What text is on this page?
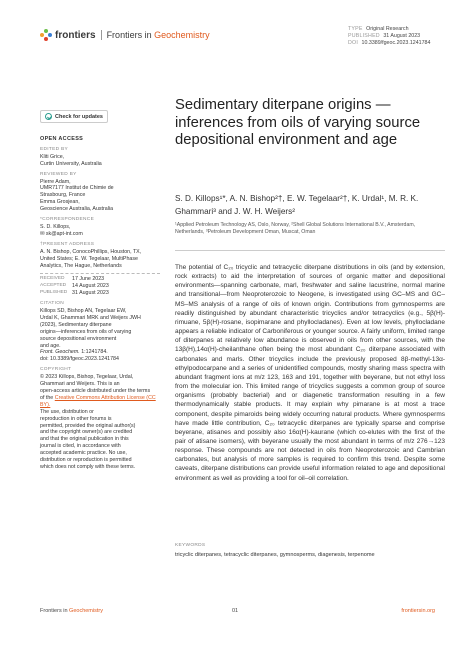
frontiers Frontiers in Geochemistry
TYPE Original Research
PUBLISHED 31 August 2023
DOI 10.3389/fgeoc.2023.1241784
Check for updates
OPEN ACCESS
EDITED BY
Kliti Grice,
Curtin University, Australia
REVIEWED BY
Pierre Adam,
UMR7177 Institut de Chimie de
Strasbourg, France
Emma Grosjean,
Geoscience Australia, Australia
*CORRESPONDENCE
S. D. Killops,
✉ sk@apt-int.com
†PRESENT ADDRESS
A. N. Bishop, ConocoPhillips, Houston, TX,
United States; E. W. Tegelaar, MultiPhase
Analytics, The Hague, Netherlands
RECEIVED	17 June 2023
ACCEPTED	14 August 2023
PUBLISHED 31 August 2023
CITATION
Killops SD, Bishop AN, Tegelaar EW,
Urdal K, Ghammari MRK and Weijers JWH
(2023), Sedimentary diterpane
origins—inferences from oils of varying
source depositional environment
and age.
Front. Geochem. 1:1241784.
doi: 10.3389/fgeoc.2023.1241784
COPYRIGHT
© 2023 Killops, Bishop, Tegelaar, Urdal,
Ghammari and Weijers. This is an
open-access article distributed under the terms
of the Creative Commons Attribution License (CC BY).
The use, distribution or
reproduction in other forums is
permitted, provided the original author(s)
and the copyright owner(s) are credited
and that the original publication in this
journal is cited, in accordance with
accepted academic practice. No use,
distribution or reproduction is permitted
which does not comply with these terms.
Sedimentary diterpane origins —inferences from oils of varying source depositional environment and age
S. D. Killops¹*, A. N. Bishop²†, E. W. Tegelaar²†, K. Urdal¹, M. R. K. Ghammari³ and J. W. H. Weijers²
¹Applied Petroleum Technology AS, Oslo, Norway, ²Shell Global Solutions International B.V., Amsterdam, Netherlands, ³Petroleum Development Oman, Muscat, Oman

The potential of C₂₀ tricyclic and tetracyclic diterpane distributions in oils (and by extension, rock extracts) to aid the interpretation of sources of organic matter and depositional environments—spanning carbonate, marl, freshwater and saline lacustrine, normal marine and transitional—from Neoproterozoic to Neogene, is investigated using GC–MS and GC–MS–MS analysis of a range of oils of known origin. Contributions from gymnosperms are readily distinguished by abundant characteristic tricyclics and/or tetracyclics (e.g., 5β(H)-rimuane, 5β(H)-rosane, isopimarane and phyllocladanes). Even at low levels, phyllocladane appears a reliable indicator of Carboniferous or younger source. A fairly uniform, limited range of diterpanes at relatively low abundance is observed in oils from other sources, with the 13β(H),14α(H)-cheilanthane often being the most abundant C₂₀ diterpane associated with carbonates and marls. Other tricyclics include the previously proposed 8β-methyl-13α-ethylpodocarpane and a series of unidentified compounds, mostly sharing mass spectra with abundant fragment ions at m/z 123, 163 and 191, together with beyerane, but not ethyl loss from the molecular ion. This limited range of tricyclics suggests a common group of source organisms (probably bacterial) and or diagenetic transformation resulting in a few thermodynamically stable products. It may explain why pimarane is at most a trace component, despite pimaroids being widely occurring natural products. Where gymnosperms have made little contribution, C₂₀ tetracyclic diterpanes are typically sparse and comprise beyerane, atisanes and possibly also 16α(H)-kaurane (which co-elutes with the first of the pair of atisane isomers), with beyerane usually the most abundant in terms of m/z 276→123 response. These compounds are not detected in oils from Neoproterozoic and Cambrian carbonates, but analysis of more samples is required to confirm this trend. Despite some caveats, diterpane distributions can provide useful information related to age and depositional environment as well as providing a tool for oil–oil correlation.

KEYWORDS
tricyclic diterpanes, tetracyclic diterpanes, gymnosperms, diagenesis, terpenome
Frontiers in Geochemistry	01	frontiersin.org
